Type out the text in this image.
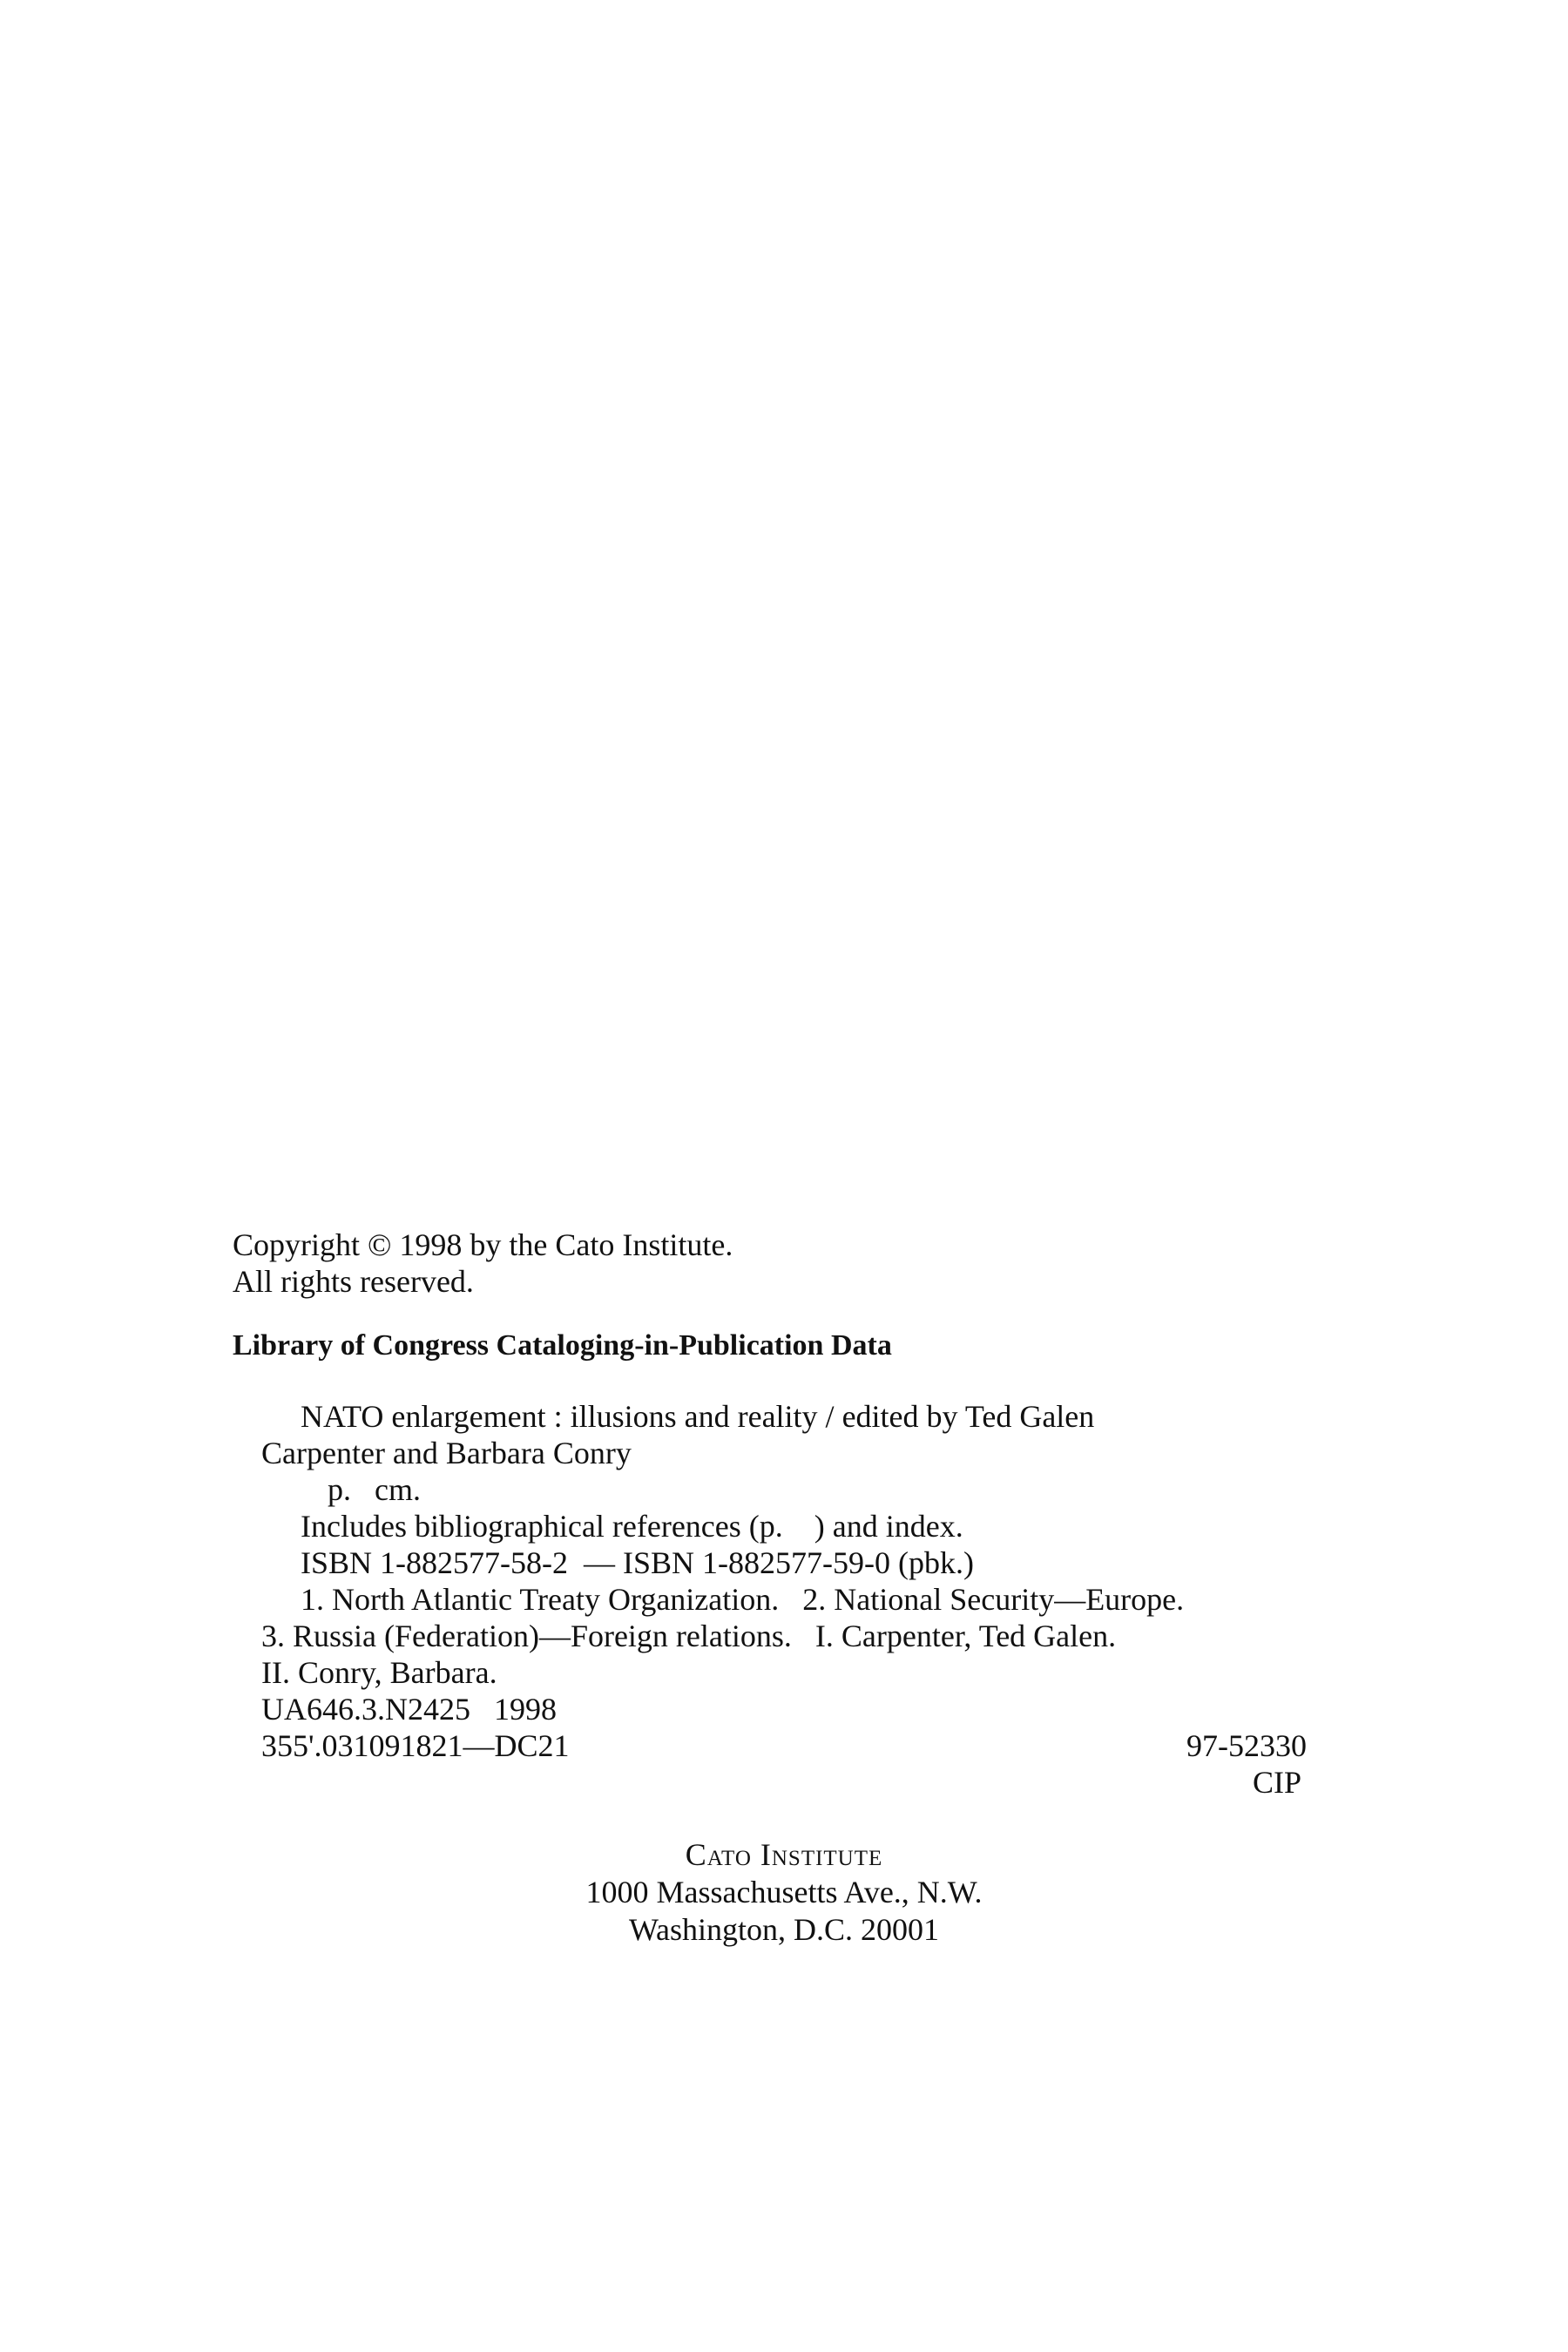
Copyright © 1998 by the Cato Institute.
All rights reserved.
Library of Congress Cataloging-in-Publication Data
NATO enlargement : illusions and reality / edited by Ted Galen
Carpenter and Barbara Conry
p.   cm.
Includes bibliographical references (p.    ) and index.
ISBN 1-882577-58-2  — ISBN 1-882577-59-0 (pbk.)
1. North Atlantic Treaty Organization.   2. National Security—Europe.
3. Russia (Federation)—Foreign relations.   I. Carpenter, Ted Galen.
II. Conry, Barbara.
UA646.3.N2425   1998
355'.031091821—DC21	97-52330
CIP
Cato Institute
1000 Massachusetts Ave., N.W.
Washington, D.C. 20001
